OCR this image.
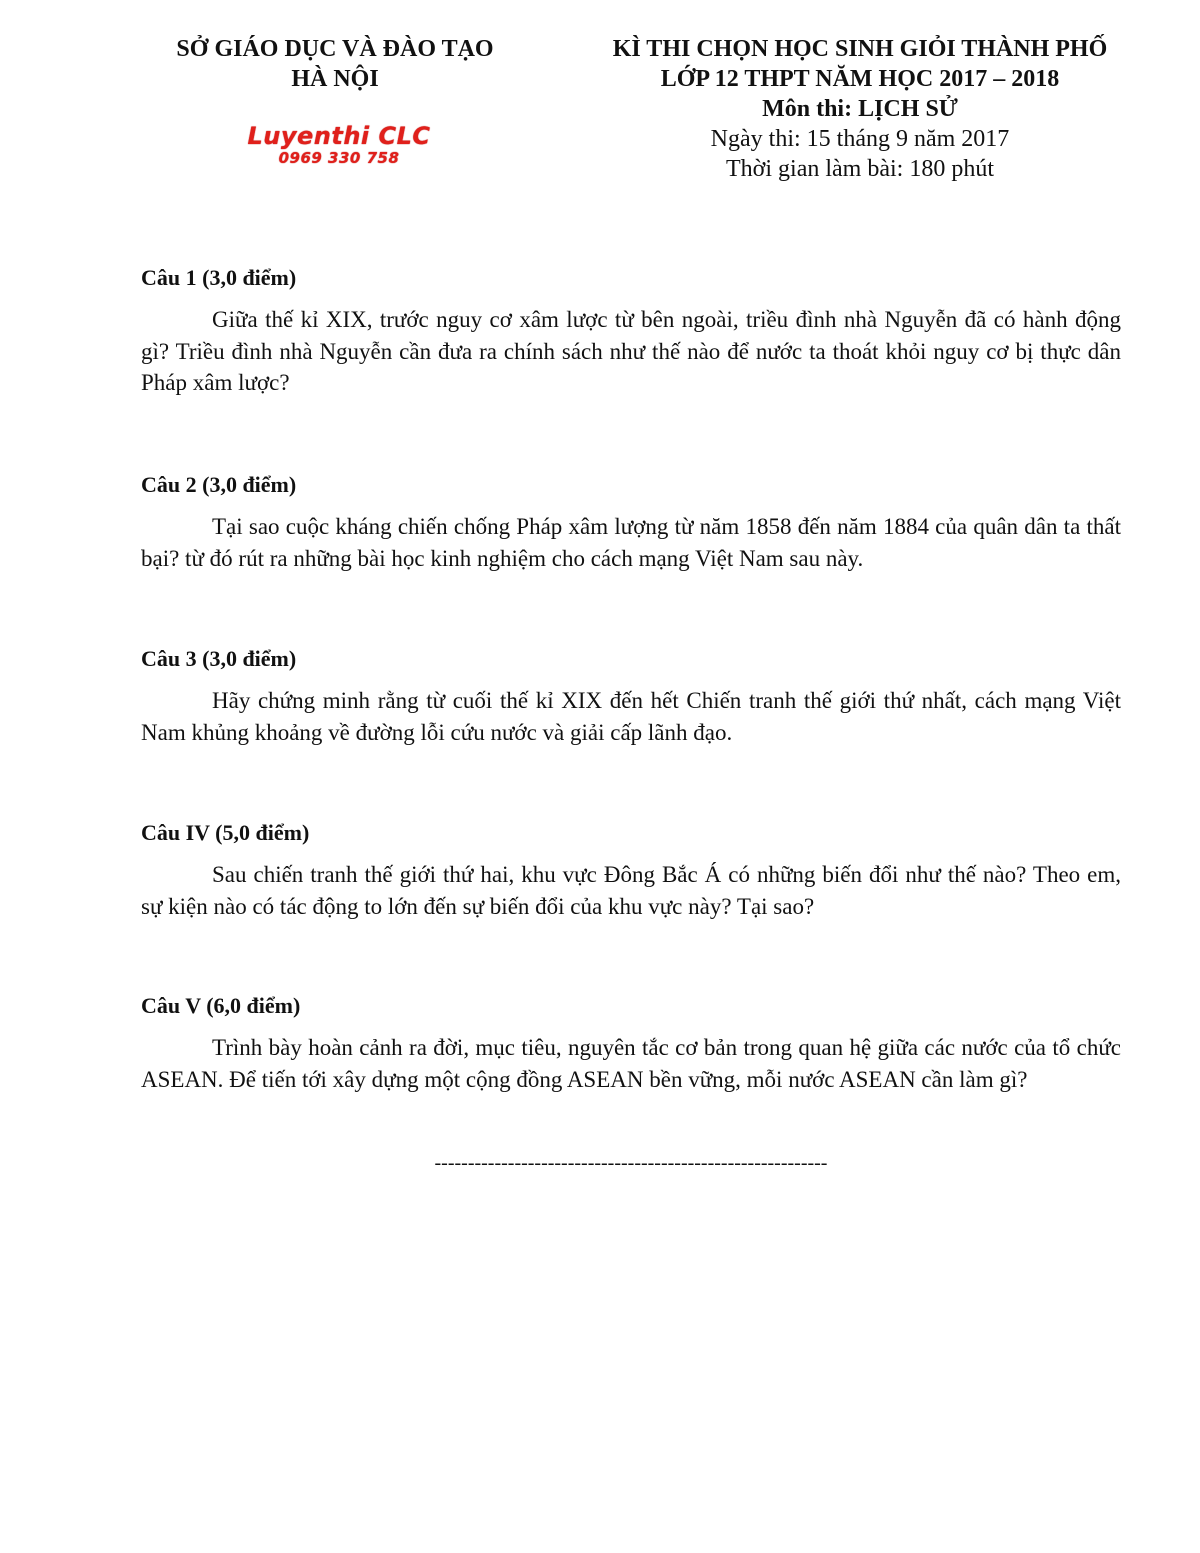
SỞ GIÁO DỤC VÀ ĐÀO TẠO
HÀ NỘI
Luyenthi CLC
0969 330 758
KÌ THI CHỌN HỌC SINH GIỎI THÀNH PHỐ
LỚP 12 THPT NĂM HỌC 2017 – 2018
Môn thi: LỊCH SỬ
Ngày thi: 15 tháng 9 năm 2017
Thời gian làm bài: 180 phút
Câu 1 (3,0 điểm)
Giữa thế kỉ XIX, trước nguy cơ xâm lược từ bên ngoài, triều đình nhà Nguyễn đã có hành động gì? Triều đình nhà Nguyễn cần đưa ra chính sách như thế nào để nước ta thoát khỏi nguy cơ bị thực dân Pháp xâm lược?
Câu 2 (3,0 điểm)
Tại sao cuộc kháng chiến chống Pháp xâm lượng từ năm 1858 đến năm 1884 của quân dân ta thất bại? từ đó rút ra những bài học kinh nghiệm cho cách mạng Việt Nam sau này.
Câu 3 (3,0 điểm)
Hãy chứng minh rằng từ cuối thế kỉ XIX đến hết Chiến tranh thế giới thứ nhất, cách mạng Việt Nam khủng khoảng về đường lỗi cứu nước và giải cấp lãnh đạo.
Câu IV (5,0 điểm)
Sau chiến tranh thế giới thứ hai, khu vực Đông Bắc Á có những biến đổi như thế nào? Theo em, sự kiện nào có tác động to lớn đến sự biến đổi của khu vực này? Tại sao?
Câu V (6,0 điểm)
Trình bày hoàn cảnh ra đời, mục tiêu, nguyên tắc cơ bản trong quan hệ giữa các nước của tổ chức ASEAN. Để tiến tới xây dựng một cộng đồng ASEAN bền vững, mỗi nước ASEAN cần làm gì?
-----------------------------------------------------------
